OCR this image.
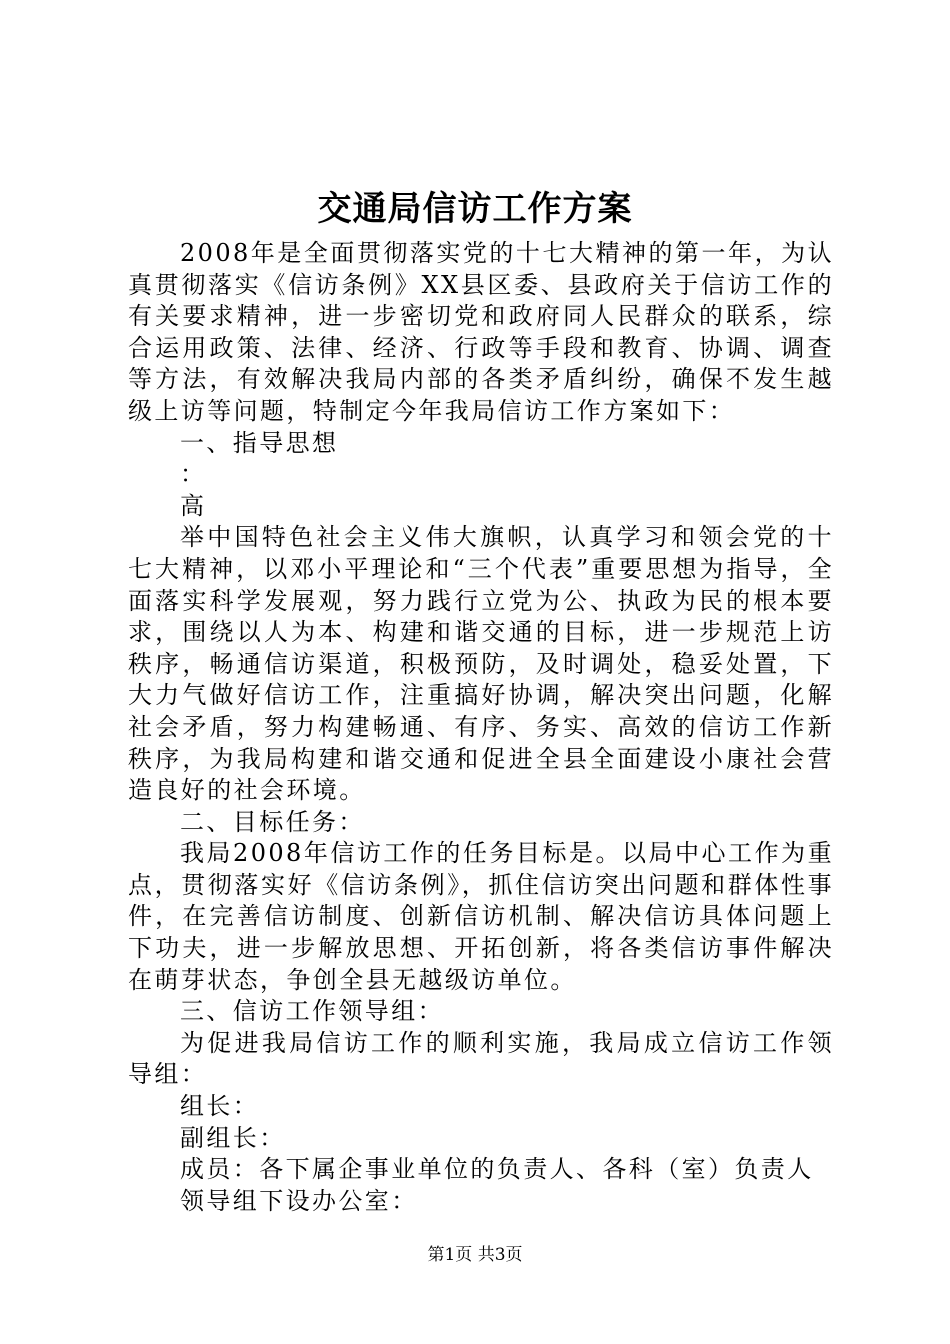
交通局信访工作方案

2008年是全面贯彻落实党的十七大精神的第一年，为认真贯彻落实《信访条例》XX县区委、县政府关于信访工作的有关要求精神，进一步密切党和政府同人民群众的联系，综合运用政策、法律、经济、行政等手段和教育、协调、调查等方法，有效解决我局内部的各类矛盾纠纷，确保不发生越级上访等问题，特制定今年我局信访工作方案如下：

一、指导思想

：

高

举中国特色社会主义伟大旗帜，认真学习和领会党的十七大精神，以邓小平理论和“三个代表”重要思想为指导，全面落实科学发展观，努力践行立党为公、执政为民的根本要求，围绕以人为本、构建和谐交通的目标，进一步规范上访秩序，畅通信访渠道，积极预防，及时调处，稳妥处置，下大力气做好信访工作，注重搞好协调，解决突出问题，化解社会矛盾，努力构建畅通、有序、务实、高效的信访工作新秩序，为我局构建和谐交通和促进全县全面建设小康社会营造良好的社会环境。

二、目标任务：

我局2008年信访工作的任务目标是。以局中心工作为重点，贯彻落实好《信访条例》，抓住信访突出问题和群体性事件，在完善信访制度、创新信访机制、解决信访具体问题上下功夫，进一步解放思想、开拓创新，将各类信访事件解决在萌芽状态，争创全县无越级访单位。

三、信访工作领导组：

为促进我局信访工作的顺利实施，我局成立信访工作领导组：

组长：

副组长：

成员：各下属企事业单位的负责人、各科（室）负责人

领导组下设办公室：

第1页 共3页
